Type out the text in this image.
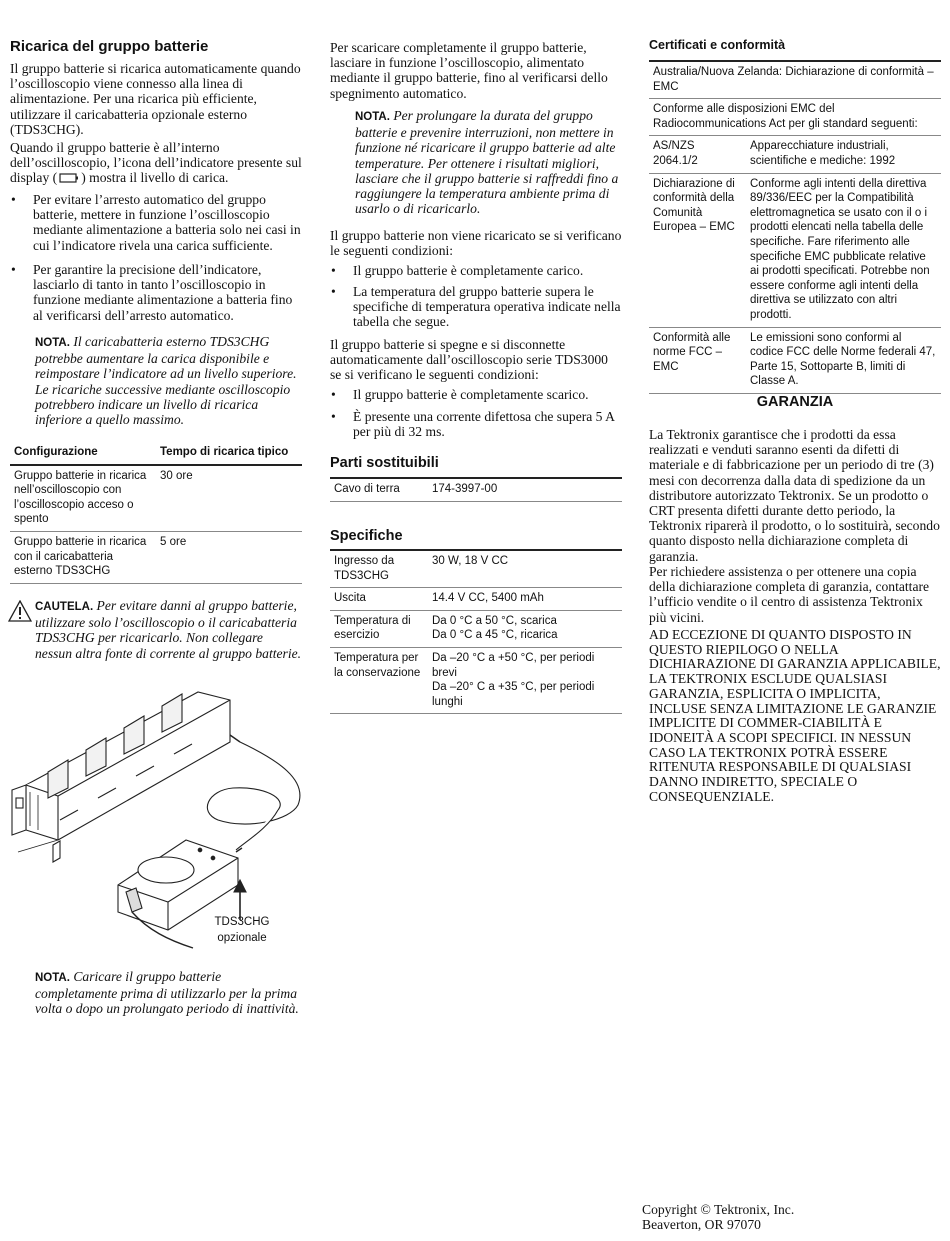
Ricarica del gruppo batterie

Il gruppo batterie si ricarica automaticamente quando l’oscilloscopio viene connesso alla linea di alimentazione. Per una ricarica più efficiente, utilizzare il caricabatteria opzionale esterno (TDS3CHG).

Quando il gruppo batterie è all’interno dell’oscilloscopio, l’icona dell’indicatore presente sul display ( ) mostra il livello di carica.

• Per evitare l’arresto automatico del gruppo batterie, mettere in funzione l’oscilloscopio mediante alimentazione a batteria solo nei casi in cui l’indicatore rivela una carica sufficiente.
• Per garantire la precisione dell’indicatore, lasciarlo di tanto in tanto l’oscilloscopio in funzione mediante alimentazione a batteria fino al verificarsi dell’arresto automatico.

NOTA. Il caricabatteria esterno TDS3CHG potrebbe aumentare la carica disponibile e reimpostare l’indicatore ad un livello superiore. Le ricariche successive mediante oscilloscopio potrebbero indicare un livello di ricarica inferiore a quello massimo.

Configurazione	Tempo di ricarica tipico
Gruppo batterie in ricarica nell’oscilloscopio con l’oscilloscopio acceso o spento	30 ore
Gruppo batterie in ricarica con il caricabatteria esterno TDS3CHG	5 ore

CAUTELA. Per evitare danni al gruppo batterie, utilizzare solo l’oscilloscopio o il caricabatteria TDS3CHG per ricaricarlo. Non collegare nessun altra fonte di corrente al gruppo batterie.

TDS3CHG
opzionale

NOTA. Caricare il gruppo batterie completamente prima di utilizzarlo per la prima volta o dopo un prolungato periodo di inattività.

Per scaricare completamente il gruppo batterie, lasciare in funzione l’oscilloscopio, alimentato mediante il gruppo batterie, fino al verificarsi dello spegnimento automatico.

NOTA. Per prolungare la durata del gruppo batterie e prevenire interruzioni, non mettere in funzione né ricaricare il gruppo batterie ad alte temperature. Per ottenere i risultati migliori, lasciare che il gruppo batterie si raffreddi fino a raggiungere la temperatura ambiente prima di usarlo o di ricaricarlo.

Il gruppo batterie non viene ricaricato se si verificano le seguenti condizioni:

• Il gruppo batterie è completamente carico.
• La temperatura del gruppo batterie supera le specifiche di temperatura operativa indicate nella tabella che segue.

Il gruppo batterie si spegne e si disconnette automaticamente dall’oscilloscopio serie TDS3000 se si verificano le seguenti condizioni:

• Il gruppo batterie è completamente scarico.
• È presente una corrente difettosa che supera 5 A per più di 32 ms.
Parti sostituibili
Cavo di terra	174-3997-00
Specifiche
Ingresso da TDS3CHG	30 W, 18 V CC
Uscita	14.4 V CC, 5400 mAh
Temperatura di esercizio	Da 0 °C a 50 °C, scarica
Da 0 °C a 45 °C, ricarica
Temperatura per la conservazione	Da –20 °C a +50 °C, per periodi brevi
Da –20° C a +35 °C, per periodi lunghi
Certificati e conformità
Australia/Nuova Zelanda: Dichiarazione di conformità – EMC	
Conforme alle disposizioni EMC del Radiocommunications Act per gli standard seguenti:	
AS/NZS 2064.1/2	Apparecchiature industriali, scientifiche e mediche: 1992
Dichiarazione di conformità della Comunità Europea – EMC	Conforme agli intenti della direttiva 89/336/EEC per la Compatibilità elettromagnetica se usato con il o i prodotti elencati nella tabella delle specifiche. Fare riferimento alle specifiche EMC pubblicate relative ai prodotti specificati. Potrebbe non essere conforme agli intenti della direttiva se utilizzato con altri prodotti.
Conformità alle norme FCC – EMC	Le emissioni sono conformi al codice FCC delle Norme federali 47, Parte 15, Sottoparte B, limiti di Classe A.
GARANZIA

La Tektronix garantisce che i prodotti da essa realizzati e venduti saranno esenti da difetti di materiale e di fabbricazione per un periodo di tre (3) mesi con decorrenza dalla data di spedizione da un distributore autorizzato Tektronix. Se un prodotto o CRT presenta difetti durante detto periodo, la Tektronix riparerà il prodotto, o lo sostituirà, secondo quanto disposto nella dichiarazione completa di garanzia.

Per richiedere assistenza o per ottenere una copia della dichiarazione completa di garanzia, contattare l’ufficio vendite o il centro di assistenza Tektronix più vicini.

AD ECCEZIONE DI QUANTO DISPOSTO IN QUESTO RIEPILOGO O NELLA DICHIARAZIONE DI GARANZIA APPLICABILE, LA TEKTRONIX ESCLUDE QUALSIASI GARANZIA, ESPLICITA O IMPLICITA, INCLUSE SENZA LIMITAZIONE LE GARANZIE IMPLICITE DI COMMER-CIABILITÀ E IDONEITÀ A SCOPI SPECIFICI. IN NESSUN CASO LA TEKTRONIX POTRÀ ESSERE RITENUTA RESPONSABILE DI QUALSIASI DANNO INDIRETTO, SPECIALE O CONSEQUENZIALE.

Copyright © Tektronix, Inc.
Beaverton, OR 97070
